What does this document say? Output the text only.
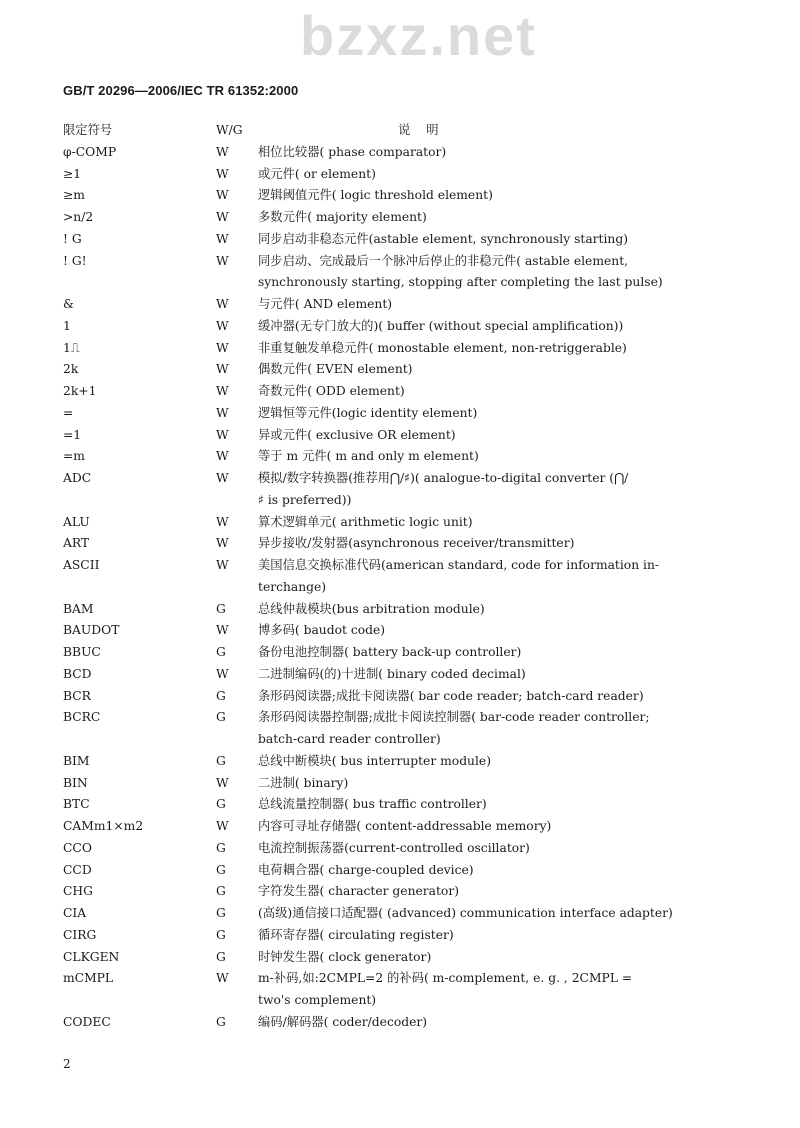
bzxz.net
GB/T 20296—2006/IEC TR 61352:2000
限定符号	W/G	说明
φ-COMP	W	相位比较器( phase comparator)
≥1	W	或元件( or element)
≥m	W	逻辑阈值元件( logic threshold element)
>n/2	W	多数元件( majority element)
! G	W	同步启动非稳态元件(astable element, synchronously starting)
! G!	W	同步启动、完成最后一个脉冲后停止的非稳元件( astable element,
synchronously starting, stopping after completing the last pulse)
&	W	与元件( AND element)
1	W	缓冲器(无专门放大的)( buffer (without special amplification))
1⎍	W	非重复触发单稳元件( monostable element, non-retriggerable)
2k	W	偶数元件( EVEN element)
2k+1	W	奇数元件( ODD element)
=	W	逻辑恒等元件(logic identity element)
=1	W	异或元件( exclusive OR element)
=m	W	等于 m 元件( m and only m element)
ADC	W	模拟/数字转换器(推荐用⋂/♯)( analogue-to-digital converter (⋂/
♯ is preferred))
ALU	W	算术逻辑单元( arithmetic logic unit)
ART	W	异步接收/发射器(asynchronous receiver/transmitter)
ASCII	W	美国信息交换标准代码(american standard, code for information in-
terchange)
BAM	G	总线仲裁模块(bus arbitration module)
BAUDOT	W	博多码( baudot code)
BBUC	G	备份电池控制器( battery back-up controller)
BCD	W	二进制编码(的)十进制( binary coded decimal)
BCR	G	条形码阅读器;成批卡阅读器( bar code reader; batch-card reader)
BCRC	G	条形码阅读器控制器;成批卡阅读控制器( bar-code reader controller;
batch-card reader controller)
BIM	G	总线中断模块( bus interrupter module)
BIN	W	二进制( binary)
BTC	G	总线流量控制器( bus traffic controller)
CAMm1×m2	W	内容可寻址存储器( content-addressable memory)
CCO	G	电流控制振荡器(current-controlled oscillator)
CCD	G	电荷耦合器( charge-coupled device)
CHG	G	字符发生器( character generator)
CIA	G	(高级)通信接口适配器( (advanced) communication interface adapter)
CIRG	G	循环寄存器( circulating register)
CLKGEN	G	时钟发生器( clock generator)
mCMPL	W	m-补码,如:2CMPL=2 的补码( m-complement, e. g. , 2CMPL =
two's complement)
CODEC	G	编码/解码器( coder/decoder)
2
